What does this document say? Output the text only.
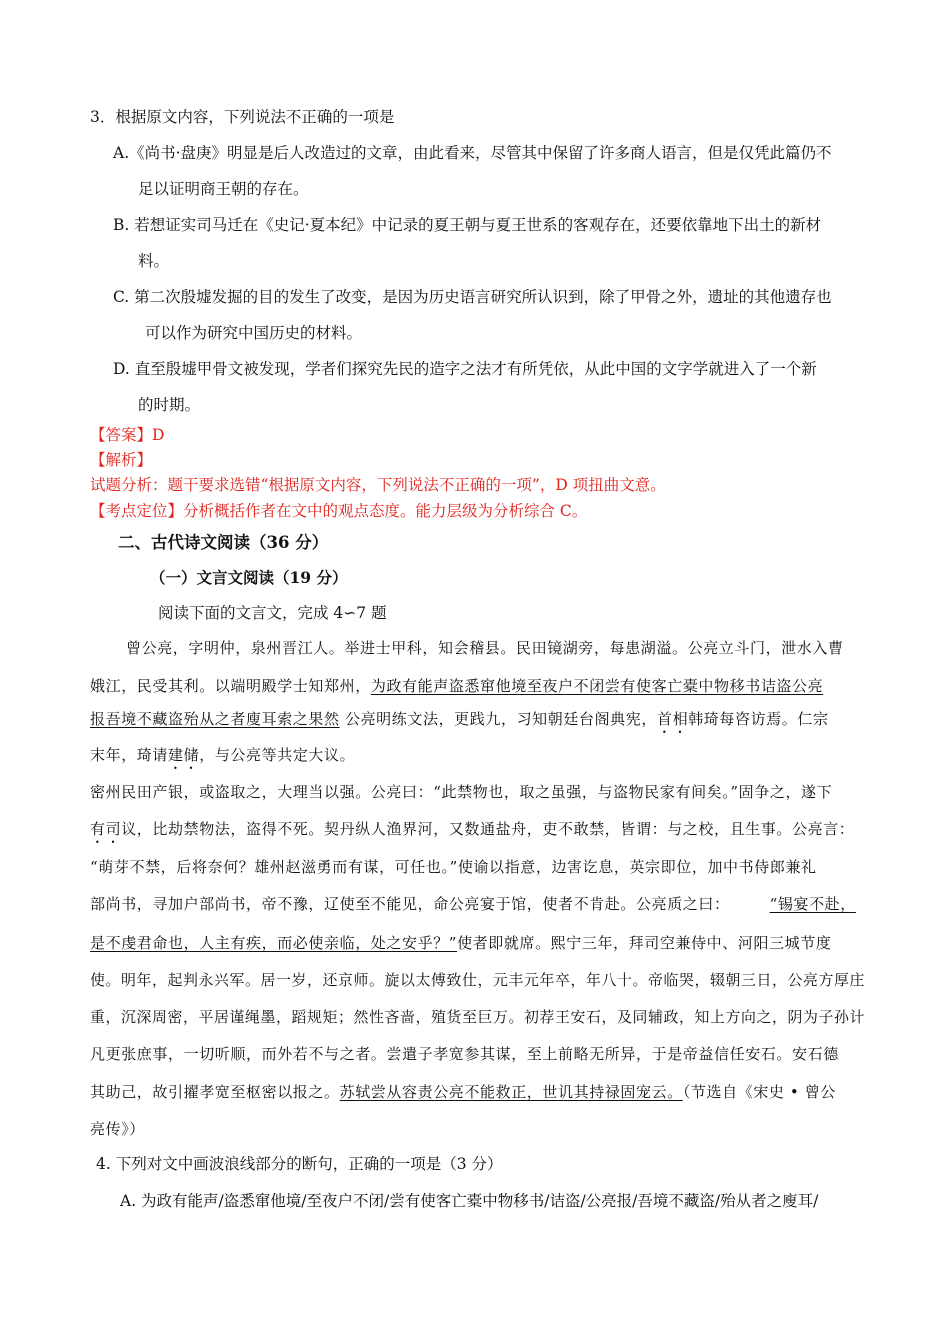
3．根据原文内容，下列说法不正确的一项是
A.《尚书·盘庚》明显是后人改造过的文章，由此看来，尽管其中保留了许多商人语言，但是仅凭此篇仍不
足以证明商王朝的存在。
B. 若想证实司马迁在《史记·夏本纪》中记录的夏王朝与夏王世系的客观存在，还要依靠地下出土的新材
料。
C. 第二次殷墟发掘的目的发生了改变，是因为历史语言研究所认识到，除了甲骨之外，遗址的其他遗存也
可以作为研究中国历史的材料。
D. 直至殷墟甲骨文被发现，学者们探究先民的造字之法才有所凭依，从此中国的文字学就进入了一个新
的时期。
【答案】D
【解析】
试题分析：题干要求选错“根据原文内容，下列说法不正确的一项”，D 项扭曲文意。
【考点定位】分析概括作者在文中的观点态度。能力层级为分析综合 C。
二、古代诗文阅读（36 分）
（一）文言文阅读（19 分）
阅读下面的文言文，完成 4∽7 题
曾公亮，字明仲，泉州晋江人。举进士甲科，知会稽县。民田镜湖旁，每患湖溢。公亮立斗门，泄水入曹
娥江，民受其利。以端明殿学士知郑州，为政有能声盗悉窜他境至夜户不闭尝有使客亡橐中物移书诘盗公亮
报吾境不藏盗殆从之者廋耳索之果然 公亮明练文法，更践九，习知朝廷台阁典宪，首相韩琦每咨访焉。仁宗
末年，琦请建储，与公亮等共定大议。
密州民田产银，或盗取之，大理当以强。公亮曰：“此禁物也，取之虽强，与盗物民家有间矣。”固争之，遂下
有司议，比劫禁物法，盗得不死。契丹纵人渔界河，又数通盐舟，吏不敢禁，皆谓：与之校，且生事。公亮言：
“萌芽不禁，后将奈何？雄州赵滋勇而有谋，可任也。”使谕以指意，边害讫息，英宗即位，加中书侍郎兼礼
部尚书，寻加户部尚书，帝不豫，辽使至不能见，命公亮宴于馆，使者不肯赴。公亮质之曰：	“锡宴不赴，
是不虔君命也，人主有疾，而必使亲临，处之安乎？”使者即就席。熙宁三年，拜司空兼侍中、河阳三城节度
使。明年，起判永兴军。居一岁，还京师。旋以太傅致仕，元丰元年卒，年八十。帝临哭，辍朝三日，公亮方厚庄
重，沉深周密，平居谨绳墨，蹈规矩；然性吝啬，殖货至巨万。初荐王安石，及同辅政，知上方向之，阴为子孙计
凡更张庶事，一切听顺，而外若不与之者。尝遣子孝宽参其谋，至上前略无所异，于是帝益信任安石。安石德
其助己，故引擢孝宽至枢密以报之。苏轼尝从容责公亮不能救正，世讥其持禄固宠云。（节选自《宋史 • 曾公
亮传》）
4. 下列对文中画波浪线部分的断句，正确的一项是（3 分）
A. 为政有能声/盗悉窜他境/至夜户不闭/尝有使客亡橐中物移书/诘盗/公亮报/吾境不藏盗/殆从者之廋耳/
